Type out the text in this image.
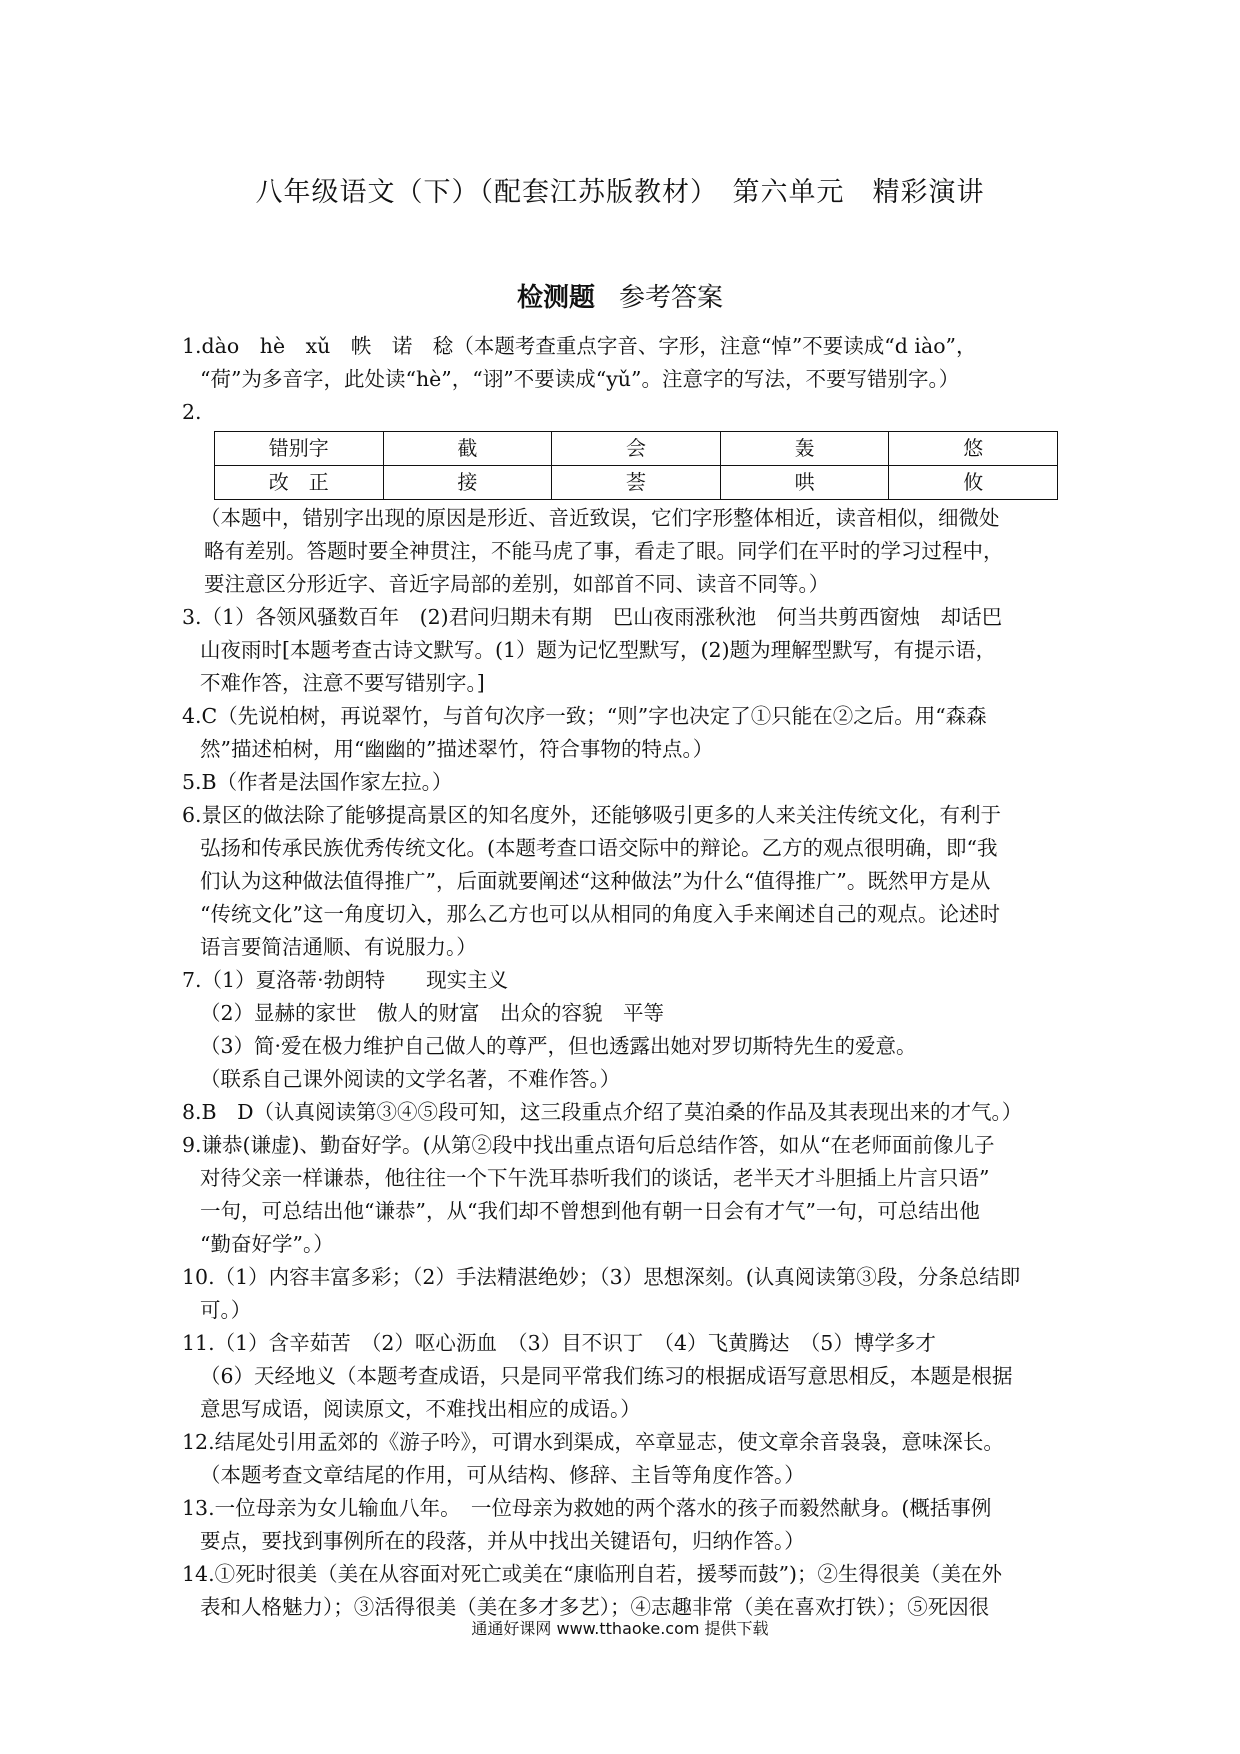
八年级语文（下）（配套江苏版教材）　第六单元　精彩演讲
检测题 参考答案

1.dào　hè　xǔ　帙　诺　稔（本题考查重点字音、字形，注意“悼”不要读成“d iào”，

“荷”为多音字，此处读“hè”，“诩”不要读成“yǔ”。注意字的写法，不要写错别字。）

2.

错别字	截	会	轰	悠
改　正	接	荟	哄	攸

（本题中，错别字出现的原因是形近、音近致误，它们字形整体相近，读音相似，细微处

略有差别。答题时要全神贯注，不能马虎了事，看走了眼。同学们在平时的学习过程中，

要注意区分形近字、音近字局部的差别，如部首不同、读音不同等。）

3.（1）各领风骚数百年　(2)君问归期未有期　巴山夜雨涨秋池　何当共剪西窗烛　却话巴

山夜雨时[本题考查古诗文默写。(1）题为记忆型默写，(2)题为理解型默写，有提示语，

不难作答，注意不要写错别字。]

4.C（先说柏树，再说翠竹，与首句次序一致；“则”字也决定了①只能在②之后。用“森森

然”描述柏树，用“幽幽的”描述翠竹，符合事物的特点。）

5.B（作者是法国作家左拉。）

6.景区的做法除了能够提高景区的知名度外，还能够吸引更多的人来关注传统文化，有利于

弘扬和传承民族优秀传统文化。(本题考查口语交际中的辩论。乙方的观点很明确，即“我

们认为这种做法值得推广”，后面就要阐述“这种做法”为什么“值得推广”。既然甲方是从

“传统文化”这一角度切入，那么乙方也可以从相同的角度入手来阐述自己的观点。论述时

语言要简洁通顺、有说服力。）

7.（1）夏洛蒂·勃朗特　　现实主义

（2）显赫的家世　傲人的财富　出众的容貌　平等

（3）简·爱在极力维护自己做人的尊严，但也透露出她对罗切斯特先生的爱意。

（联系自己课外阅读的文学名著，不难作答。）

8.B　D（认真阅读第③④⑤段可知，这三段重点介绍了莫泊桑的作品及其表现出来的才气。）

9.谦恭(谦虚)、勤奋好学。(从第②段中找出重点语句后总结作答，如从“在老师面前像儿子

对待父亲一样谦恭，他往往一个下午洗耳恭听我们的谈话，老半天才斗胆插上片言只语”

一句，可总结出他“谦恭”，从“我们却不曾想到他有朝一日会有才气”一句，可总结出他

“勤奋好学”。）

10.（1）内容丰富多彩；（2）手法精湛绝妙；（3）思想深刻。(认真阅读第③段，分条总结即

可。）

11.（1）含辛茹苦　（2）呕心沥血　（3）目不识丁　（4）飞黄腾达　（5）博学多才

（6）天经地义（本题考查成语，只是同平常我们练习的根据成语写意思相反，本题是根据

意思写成语，阅读原文，不难找出相应的成语。）

12.结尾处引用孟郊的《游子吟》，可谓水到渠成，卒章显志，使文章余音袅袅，意味深长。

（本题考查文章结尾的作用，可从结构、修辞、主旨等角度作答。）

13.一位母亲为女儿输血八年。　一位母亲为救她的两个落水的孩子而毅然献身。(概括事例

要点，要找到事例所在的段落，并从中找出关键语句，归纳作答。）

14.①死时很美（美在从容面对死亡或美在“康临刑自若，援琴而鼓”)；②生得很美（美在外

表和人格魅力）；③活得很美（美在多才多艺）；④志趣非常（美在喜欢打铁）；⑤死因很

通通好课网 www.tthaoke.com 提供下载
